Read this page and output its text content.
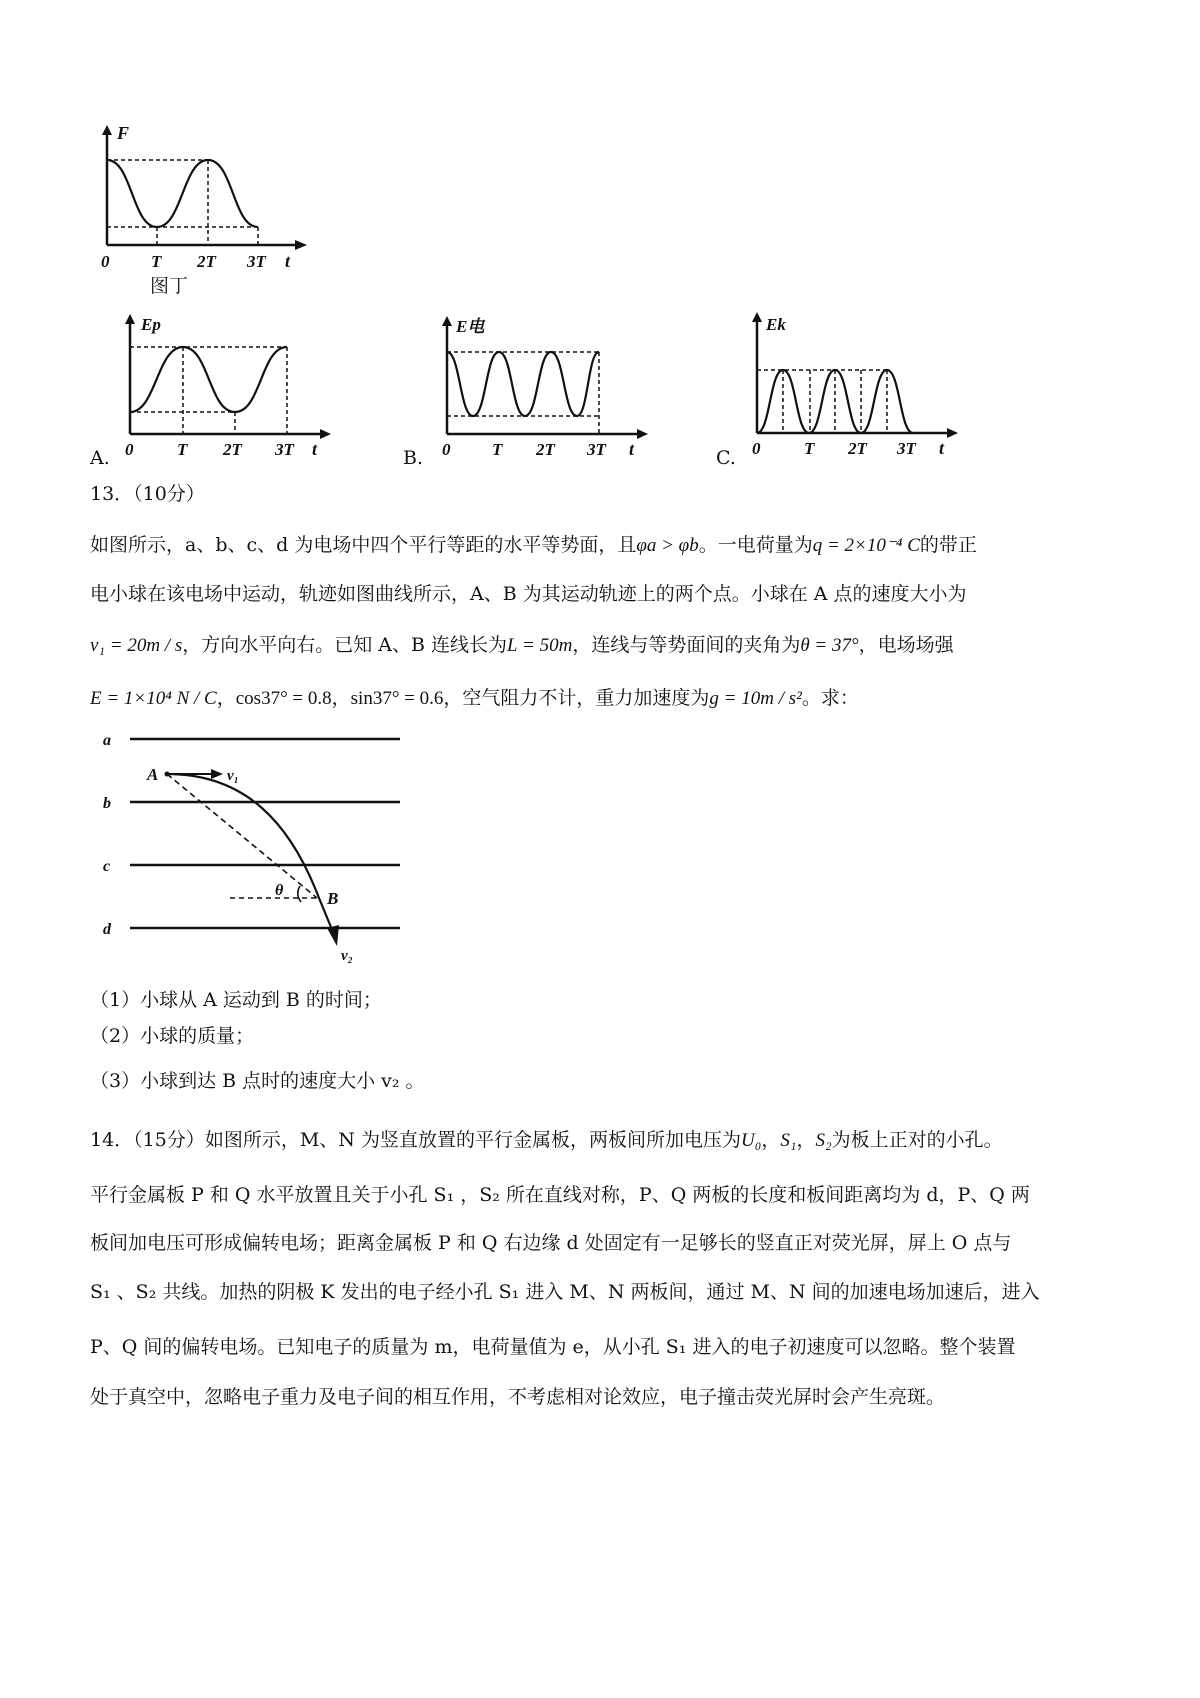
F
t
0 T 2T 3T
图丁
A.
Ep
t
0	T 2T 3T	B.
E电
t
0 T 2T 3T	C.
Ek
t
0	T 2T 3T
13．（10分）
如图所示，a、b、c、d 为电场中四个平行等距的水平等势面，且φa > φb。一电荷量为q = 2×10⁻⁴ C的带正
电小球在该电场中运动，轨迹如图曲线所示，A、B 为其运动轨迹上的两个点。小球在 A 点的速度大小为
v₁ = 20m / s，方向水平向右。已知 A、B 连线长为L = 50m，连线与等势面间的夹角为θ = 37°，电场场强
E = 1×10⁴ N / C，cos37° = 0.8，sin37° = 0.6，空气阻力不计，重力加速度为g = 10m / s²。求：
a
b
c
d
A	v₁
B
θ
v₂
（1）小球从 A 运动到 B 的时间；
（2）小球的质量；
（3）小球到达 B 点时的速度大小 v₂ 。
14．（15分）如图所示，M、N 为竖直放置的平行金属板，两板间所加电压为U₀，S₁，S₂为板上正对的小孔。
平行金属板 P 和 Q 水平放置且关于小孔 S₁ ，S₂ 所在直线对称，P、Q 两板的长度和板间距离均为 d，P、Q 两
板间加电压可形成偏转电场；距离金属板 P 和 Q 右边缘 d 处固定有一足够长的竖直正对荧光屏，屏上 O 点与
S₁ 、S₂ 共线。加热的阴极 K 发出的电子经小孔 S₁ 进入 M、N 两板间，通过 M、N 间的加速电场加速后，进入
P、Q 间的偏转电场。已知电子的质量为 m，电荷量值为 e，从小孔 S₁ 进入的电子初速度可以忽略。整个装置
处于真空中，忽略电子重力及电子间的相互作用，不考虑相对论效应，电子撞击荧光屏时会产生亮斑。
